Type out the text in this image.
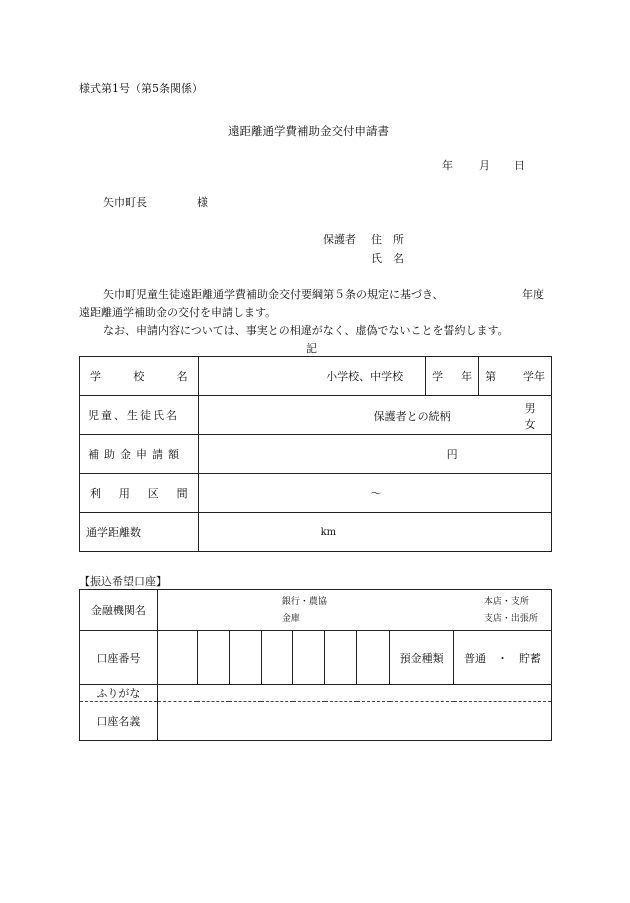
様式第1号（第5条関係）
遠距離通学費補助金交付申請書
年 月 日
矢巾町長	様
保護者 住　所
氏　名
矢巾町児童生徒遠距離通学費補助金交付要綱第５条の規定に基づき、	年度
遠距離通学補助金の交付を申請します。
なお、申請内容については、事実との相違がなく、虚偽でないことを誓約します。
記
学 校 名	小学校、中学校	学 年	第 学年

児童、生徒氏名	保護者との続柄
男
女		

補助金申請額	円		

利 用 区 間	～		
通学距離数	km		
【振込希望口座】
金融機関名	銀行・農協
金庫
本店・支所
支店・出張所								

口座番号								預金種類	普通　・　貯蓄
ふりがな									
口座名義									
